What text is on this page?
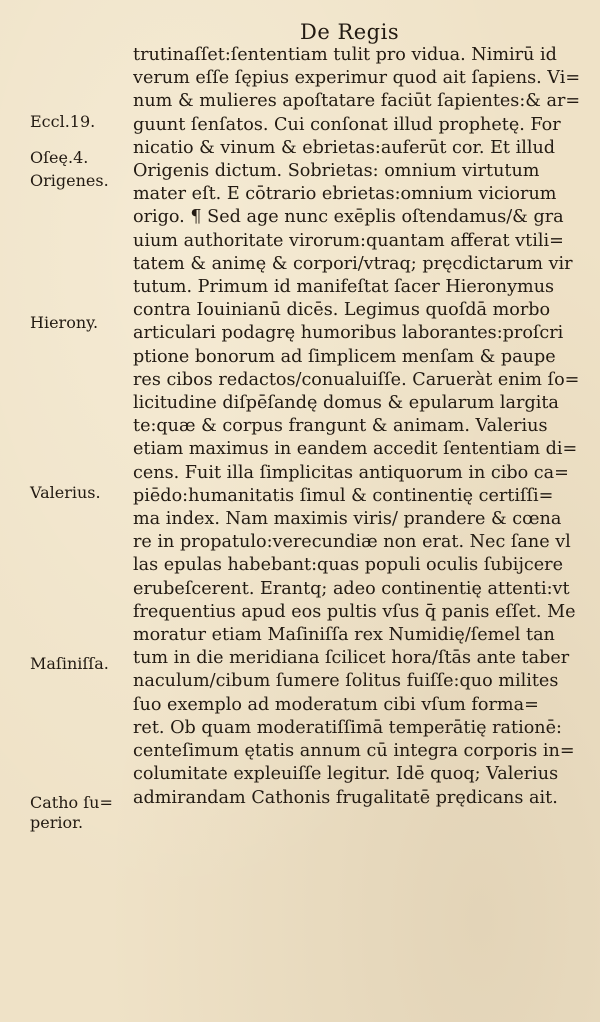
De Regis
Eccl.19.
Oſeę.4.
Origenes.
Hierony.
Valerius.
Maſiniſſa.
Catho ſu=
perior.
trutinaſſet:ſententiam tulit pro vidua. Nimirū id
verum eſſe ſępius experimur quod ait ſapiens. Vi=
num & mulieres apoſtatare faciūt ſapientes:& ar=
guunt ſenſatos. Cui conſonat illud prophetę. For
nicatio & vinum & ebrietas:auferūt cor. Et illud
Origenis dictum. Sobrietas: omnium virtutum
mater eſt. E cōtrario ebrietas:omnium viciorum
origo. ¶ Sed age nunc exēplis oſtendamus/& gra
uium authoritate virorum:quantam afferat vtili=
tatem & animę & corpori/vtraq; pręcdictarum vir
tutum. Primum id manifeſtat ſacer Hieronymus
contra Iouinianū dicēs. Legimus quoſdā morbo
articulari podagrę humoribus laborantes:proſcri
ptione bonorum ad ſimplicem menſam & paupe
res cibos redactos/conualuiſſe. Carueràt enim ſo=
licitudine diſpēſandę domus & epularum largita
te:quæ & corpus frangunt & animam. Valerius
etiam maximus in eandem accedit ſententiam di=
cens. Fuit illa ſimplicitas antiquorum in cibo ca=
piēdo:humanitatis ſimul & continentię certiſſi=
ma index. Nam maximis viris/ prandere & cœna
re in propatulo:verecundiæ non erat. Nec ſane vl
las epulas habebant:quas populi oculis ſubijcere
erubeſcerent. Erantq; adeo continentię attenti:vt
frequentius apud eos pultis vſus q̄ panis eſſet. Me
moratur etiam Maſiniſſa rex Numidię/ſemel tan
tum in die meridiana ſcilicet hora/ſtās ante taber
naculum/cibum ſumere ſolitus fuiſſe:quo milites
ſuo exemplo ad moderatum cibi vſum forma=
ret. Ob quam moderatiſſimā temperātię rationē:
centeſimum ętatis annum cū integra corporis in=
columitate expleuiſſe legitur. Idē quoq; Valerius
admirandam Cathonis frugalitatē prędicans ait.
